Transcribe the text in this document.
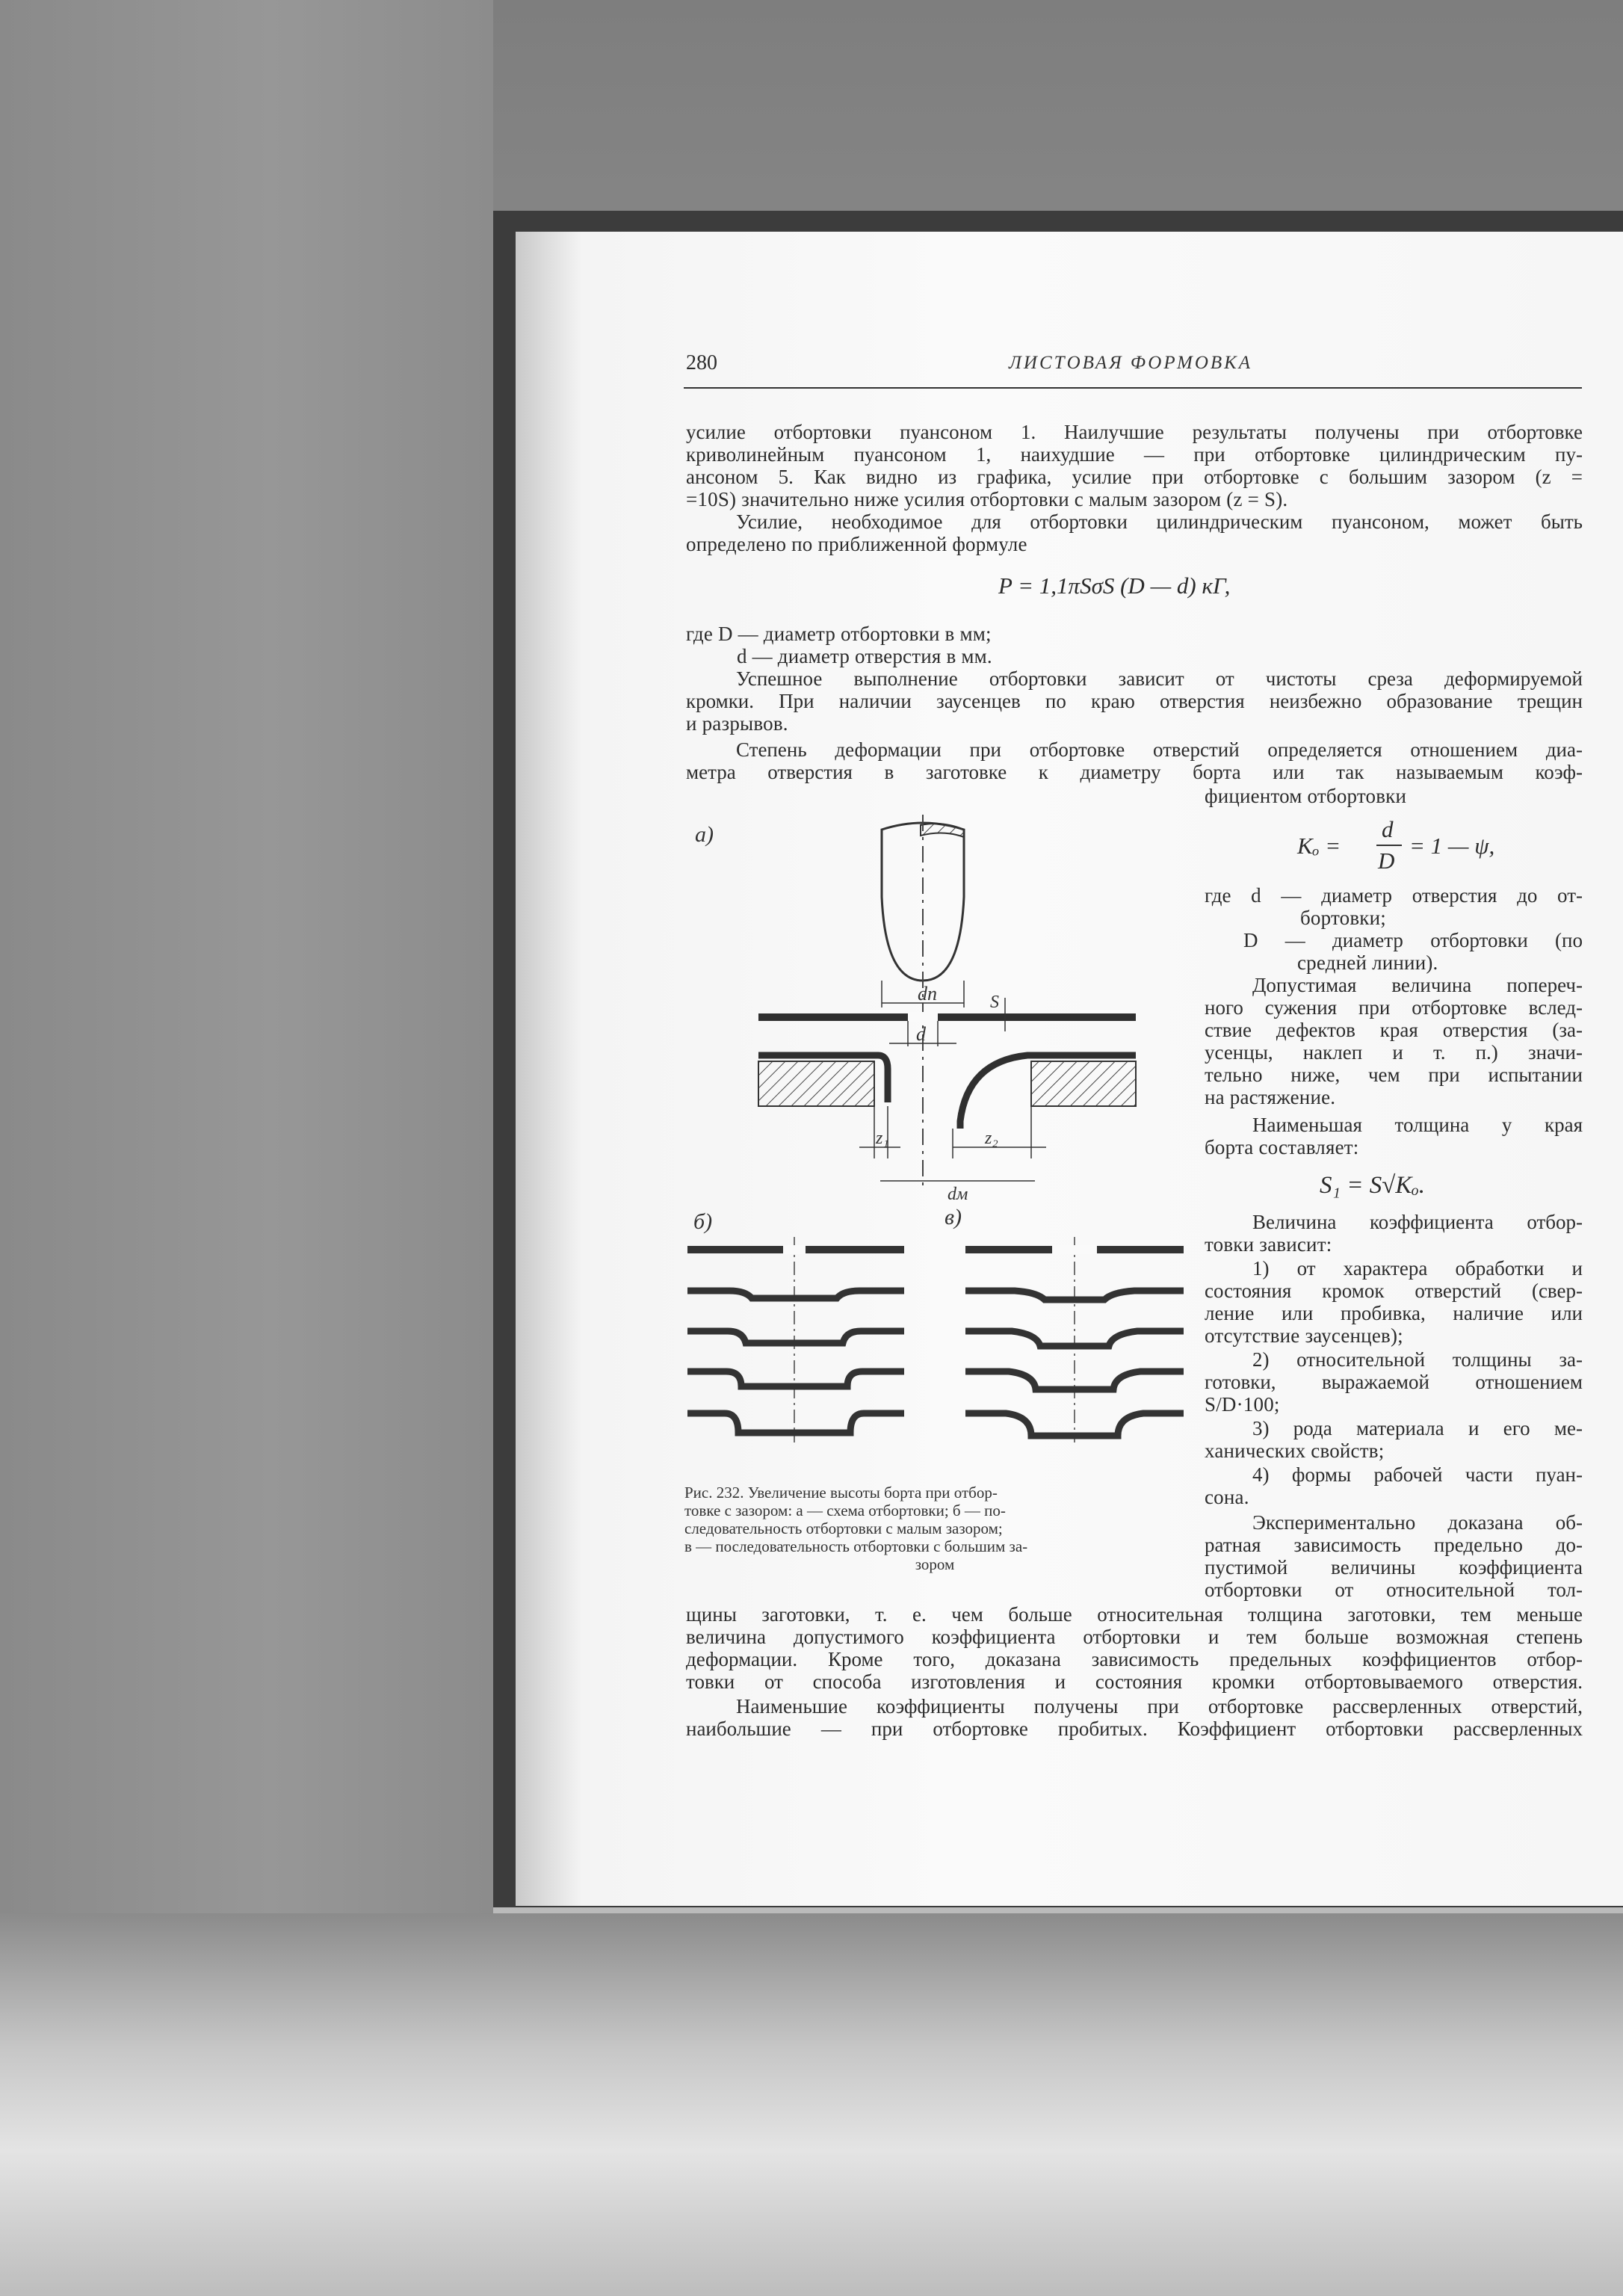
280	ЛИСТОВАЯ ФОРМОВКА
усилие отбортовки пуансоном 1. Наилучшие результаты получены при отбортовке
криволинейным пуансоном 1, наихудшие — при отбортовке цилиндрическим пу-
ансоном 5. Как видно из графика, усилие при отбортовке с большим зазором (z =
=10S) значительно ниже усилия отбортовки с малым зазором (z = S).
Усилие, необходимое для отбортовки цилиндрическим пуансоном, может быть
определено по приближенной формуле
P = 1,1πSσS (D — d) кГ,
где D — диаметр отбортовки в мм;
d — диаметр отверстия в мм.
Успешное выполнение отбортовки зависит от чистоты среза деформируемой
кромки. При наличии заусенцев по краю отверстия неизбежно образование трещин
и разрывов.
Степень деформации при отбортовке отверстий определяется отношением диа-
метра отверстия в заготовке к диаметру борта или так называемым коэф-
фициентом отбортовки
Kₒ =
d
D
= 1 — ψ,
где d — диаметр отверстия до от-
бортовки;
D — диаметр отбортовки (по
средней линии).
Допустимая величина попереч-
ного сужения при отбортовке вслед-
ствие дефектов края отверстия (за-
усенцы, наклеп и т. п.) значи-
тельно ниже, чем при испытании
на растяжение.
Наименьшая толщина у края
борта составляет:
S₁ = S√Kₒ.
Величина коэффициента отбор-
товки зависит:
1) от характера обработки и
состояния кромок отверстий (свер-
ление или пробивка, наличие или
отсутствие заусенцев);
2) относительной толщины за-
готовки, выражаемой отношением
S/D·100;
3) рода материала и его ме-
ханических свойств;
4) формы рабочей части пуан-
сона.
Экспериментально доказана об-
ратная зависимость предельно до-
пустимой величины коэффициента
отбортовки от относительной тол-
щины заготовки, т. е. чем больше относительная толщина заготовки, тем меньше
величина допустимого коэффициента отбортовки и тем больше возможная степень
деформации. Кроме того, доказана зависимость предельных коэффициентов отбор-
товки от способа изготовления и состояния кромки отбортовываемого отверстия.
Наименьшие коэффициенты получены при отбортовке рассверленных отверстий,
наибольшие — при отбортовке пробитых. Коэффициент отбортовки рассверленных
а)
б)	в)
dп
d
S
z₁	z₂
dм
Рис. 232. Увеличение высоты борта при отбор-
товке с зазором: а — схема отбортовки; б — по-
следовательность отбортовки с малым зазором;
в — последовательность отбортовки с большим за-
зором
